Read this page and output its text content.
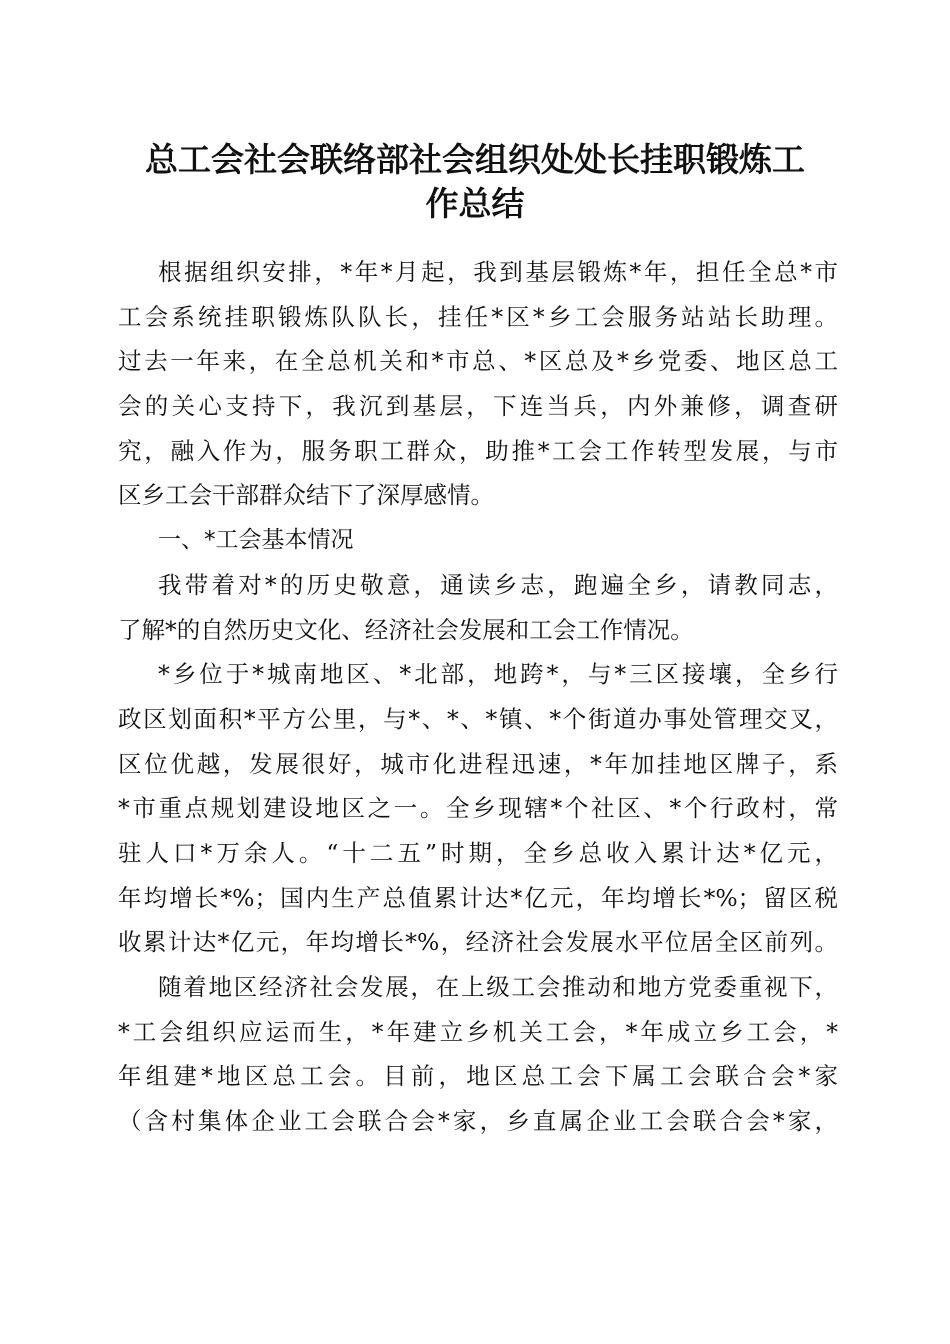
总工会社会联络部社会组织处处长挂职锻炼工
作总结
根据组织安排，*年*月起，我到基层锻炼*年，担任全总*市
工会系统挂职锻炼队队长，挂任*区*乡工会服务站站长助理。
过去一年来，在全总机关和*市总、*区总及*乡党委、地区总工
会的关心支持下，我沉到基层，下连当兵，内外兼修，调查研
究，融入作为，服务职工群众，助推*工会工作转型发展，与市
区乡工会干部群众结下了深厚感情。
一、*工会基本情况
我带着对*的历史敬意，通读乡志，跑遍全乡，请教同志，
了解*的自然历史文化、经济社会发展和工会工作情况。
*乡位于*城南地区、*北部，地跨*，与*三区接壤，全乡行
政区划面积*平方公里，与*、*、*镇、*个街道办事处管理交叉，
区位优越，发展很好，城市化进程迅速，*年加挂地区牌子，系
*市重点规划建设地区之一。全乡现辖*个社区、*个行政村，常
驻人口*万余人。“十二五”时期，全乡总收入累计达*亿元，
年均增长*%；国内生产总值累计达*亿元，年均增长*%；留区税
收累计达*亿元，年均增长*%，经济社会发展水平位居全区前列。
随着地区经济社会发展，在上级工会推动和地方党委重视下，
*工会组织应运而生，*年建立乡机关工会，*年成立乡工会，*
年组建*地区总工会。目前，地区总工会下属工会联合会*家
（含村集体企业工会联合会*家，乡直属企业工会联合会*家，
